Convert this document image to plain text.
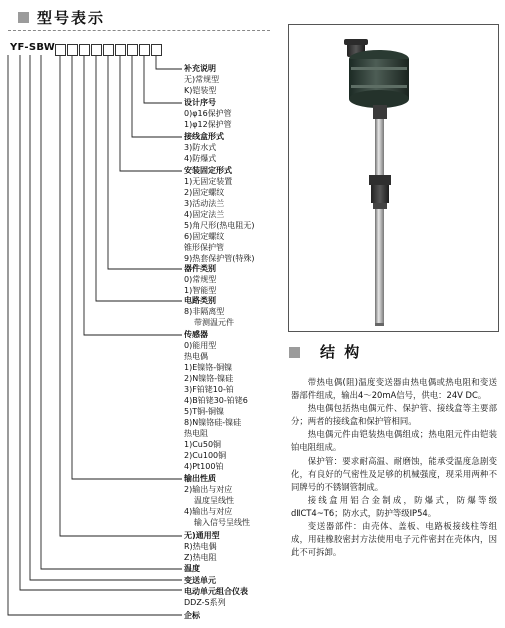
型号表示
YF-SBW
补充说明
无)常规型
K)铠装型
设计序号
0)φ16保护管
1)φ12保护管
接线盒形式
3)防水式
4)防爆式
安装固定形式
1)无固定装置
2)固定螺纹
3)活动法兰
4)固定法兰
5)角尺形(热电阻无)
6)固定螺纹
锥形保护管
9)热套保护管(特殊)
器件类别
0)常规型
1)智能型
电路类别
8)非隔离型
带测温元件
传感器
0)能用型
热电偶
1)E镍铬-铜镍
2)N镍铬-镍硅
3)F铂铑10-铂
4)B铂铑30-铂铑6
5)T铜-铜镍
8)N镍铬硅-镍硅
热电阻
1)Cu50铜
2)Cu100铜
4)Pt100铂
输出性质
2)输出与对应
温度呈线性
4)输出与对应
输入信号呈线性
无)通用型
R)热电偶
Z)热电阻
温度
变送单元
电动单元组合仪表
DDZ-S系列
企标
结 构

带热电偶(阻)温度变送器由热电偶或热电阻和变送器部件组成，输出4～20mA信号，供电：24V DC。

热电偶包括热电偶元件、保护管、接线盒等主要部分；两者的接线盒和保护管相同。

热电偶元件由铠装热电偶组成；热电阻元件由铠装铂电阻组成。

保护管：要求耐高温、耐磨蚀，能承受温度急剧变化，有良好的气密性及足够的机械强度，现采用两种不同牌号的不锈钢管制成。

接线盒用铝合金制成，防爆式，防爆等级dⅡCT4~T6；防水式，防护等级IP54。

变送器部件：由壳体、盖板、电路板接线柱等组成，用硅橡胶密封方法使用电子元件密封在壳体内，因此不可拆卸。
